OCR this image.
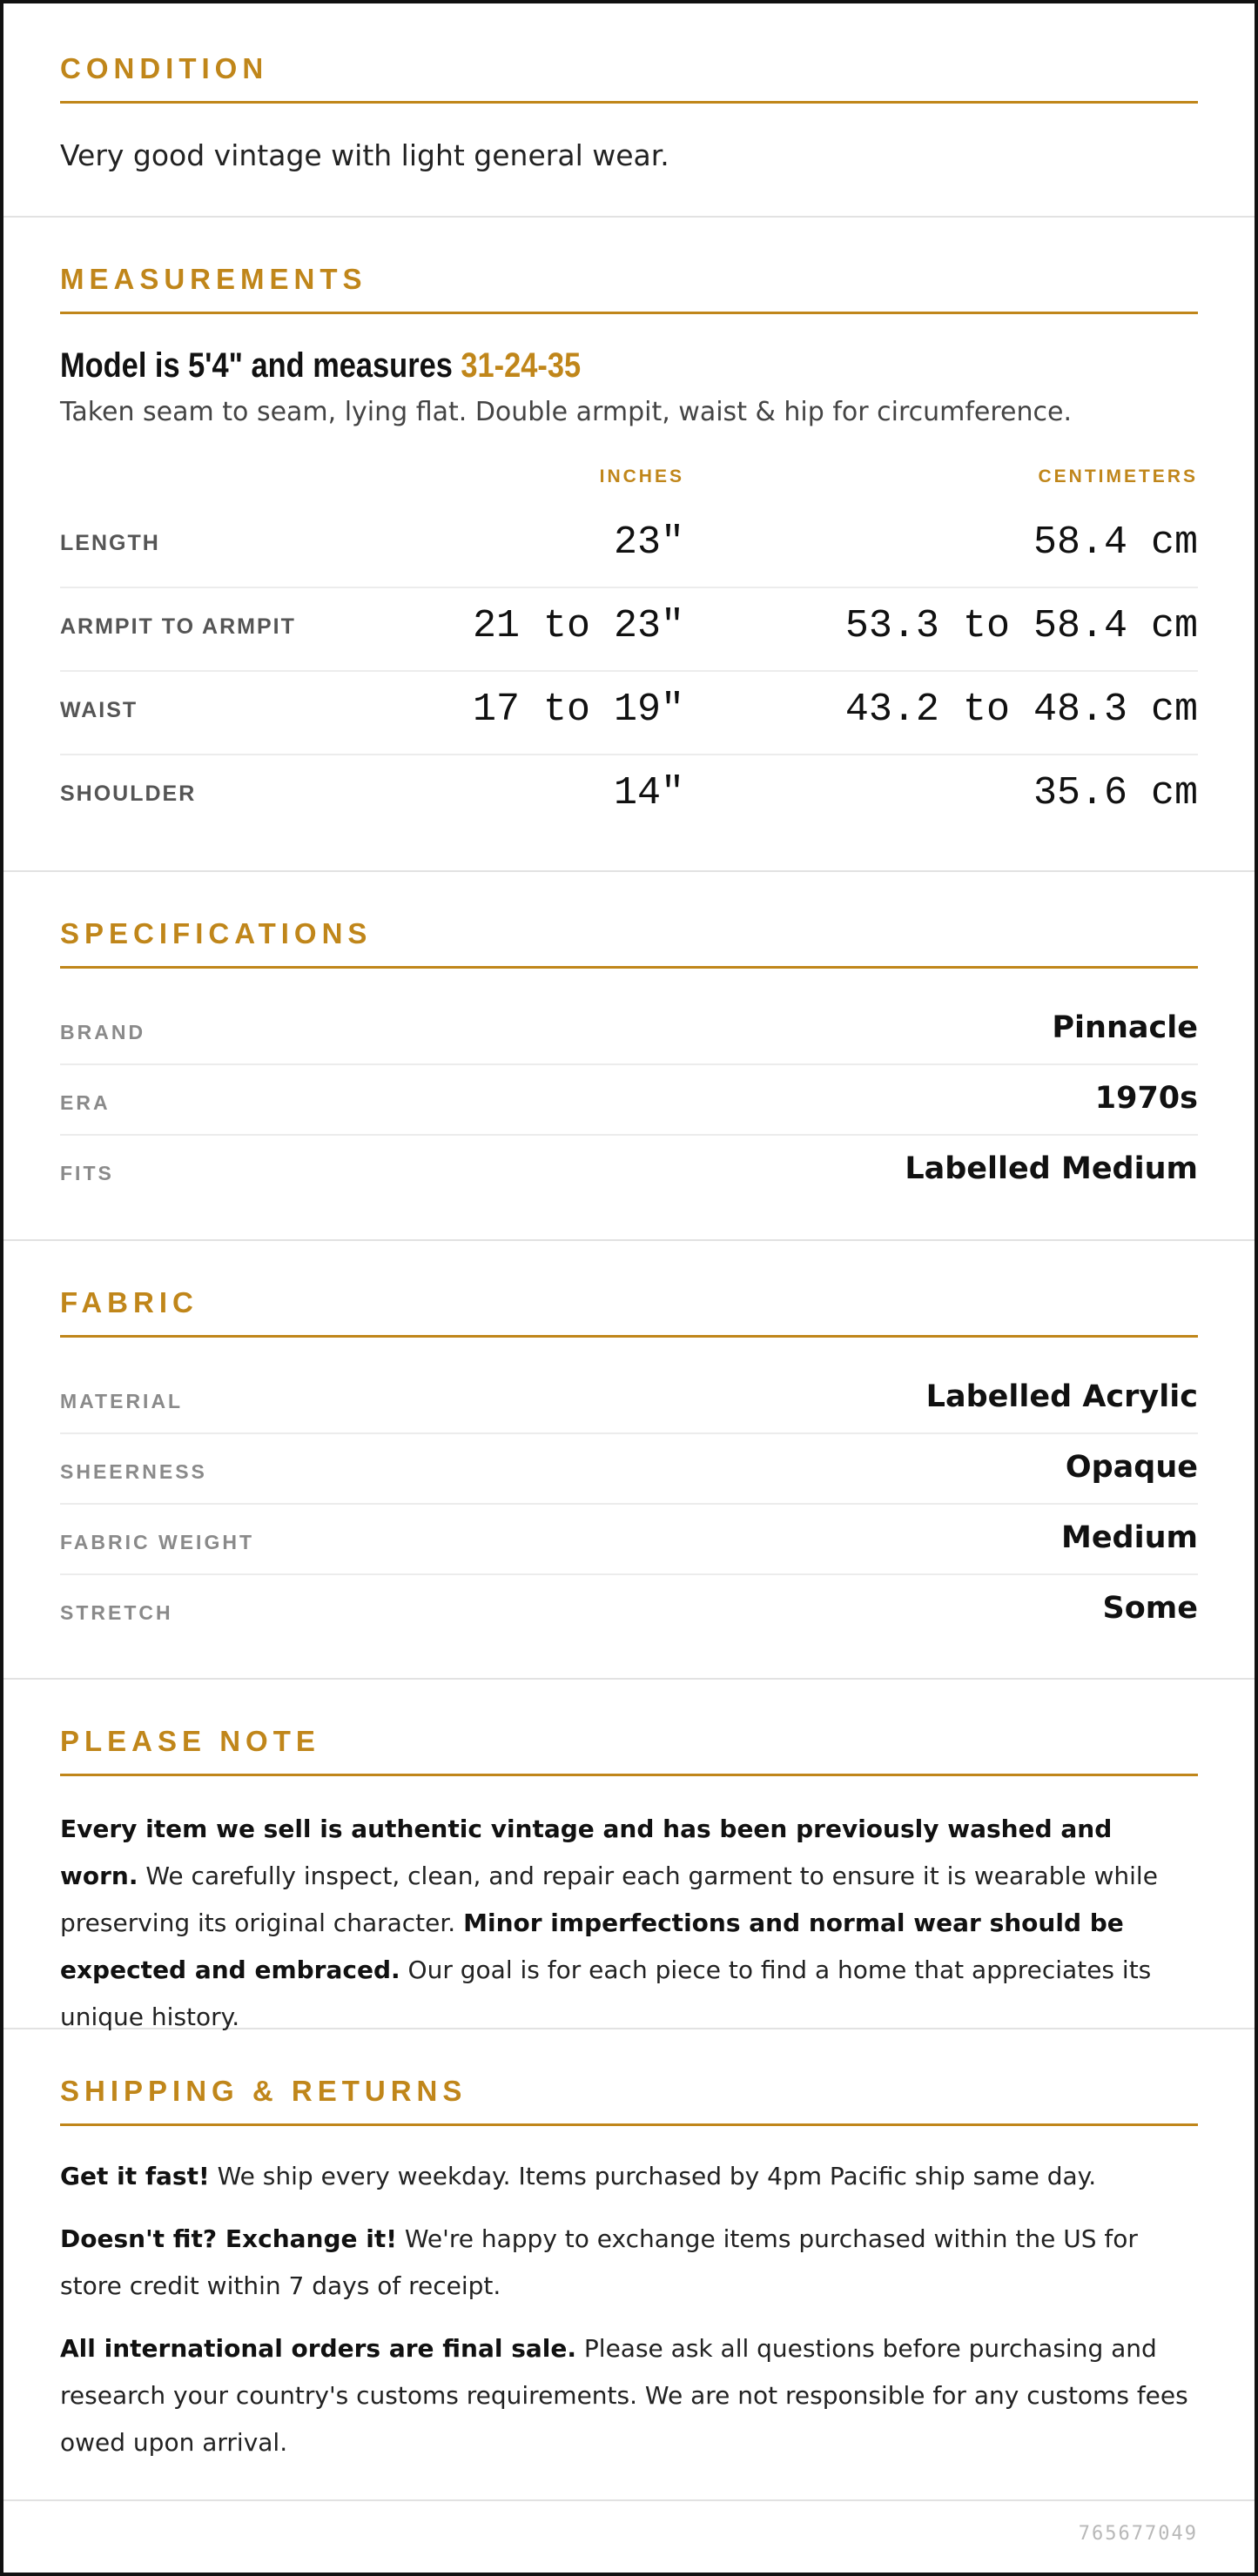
CONDITION
Very good vintage with light general wear.
MEASUREMENTS
Model is 5'4" and measures 31-24-35
Taken seam to seam, lying flat. Double armpit, waist & hip for circumference.
INCHES	CENTIMETERS
LENGTH	23"	58.4 cm
ARMPIT TO ARMPIT	21 to 23"	53.3 to 58.4 cm
WAIST	17 to 19"	43.2 to 48.3 cm
SHOULDER	14"	35.6 cm
SPECIFICATIONS
BRAND	Pinnacle
ERA	1970s
FITS	Labelled Medium
FABRIC
MATERIAL	Labelled Acrylic
SHEERNESS	Opaque
FABRIC WEIGHT	Medium
STRETCH	Some
PLEASE NOTE
Every item we sell is authentic vintage and has been previously washed and worn. We carefully inspect, clean, and repair each garment to ensure it is wearable while preserving its original character. Minor imperfections and normal wear should be expected and embraced. Our goal is for each piece to find a home that appreciates its unique history.
SHIPPING & RETURNS
Get it fast! We ship every weekday. Items purchased by 4pm Pacific ship same day.
Doesn't fit? Exchange it! We're happy to exchange items purchased within the US for store credit within 7 days of receipt.
All international orders are final sale. Please ask all questions before purchasing and research your country's customs requirements. We are not responsible for any customs fees owed upon arrival.
765677049
